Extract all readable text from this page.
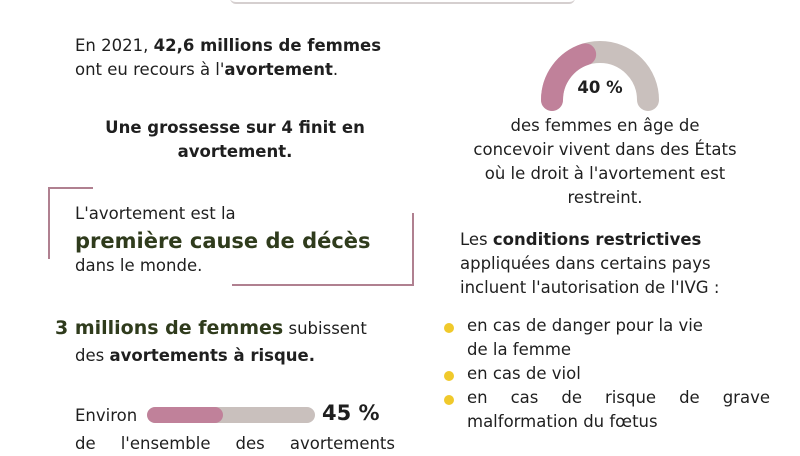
En 2021, 42,6 millions de femmes
ont eu recours à l'avortement.
Une grossesse sur 4 finit en
avortement.
L'avortement est la
première cause de décès
dans le monde.
3 millions de femmes subissent
des avortements à risque.
Environ	45 %
de l'ensemble des avortements
40 %
des femmes en âge de
concevoir vivent dans des États
où le droit à l'avortement est
restreint.
Les conditions restrictives
appliquées dans certains pays
incluent l'autorisation de l'IVG :
en cas de danger pour la vie
de la femme
en cas de viol
en cas de risque de grave
malformation du fœtus
